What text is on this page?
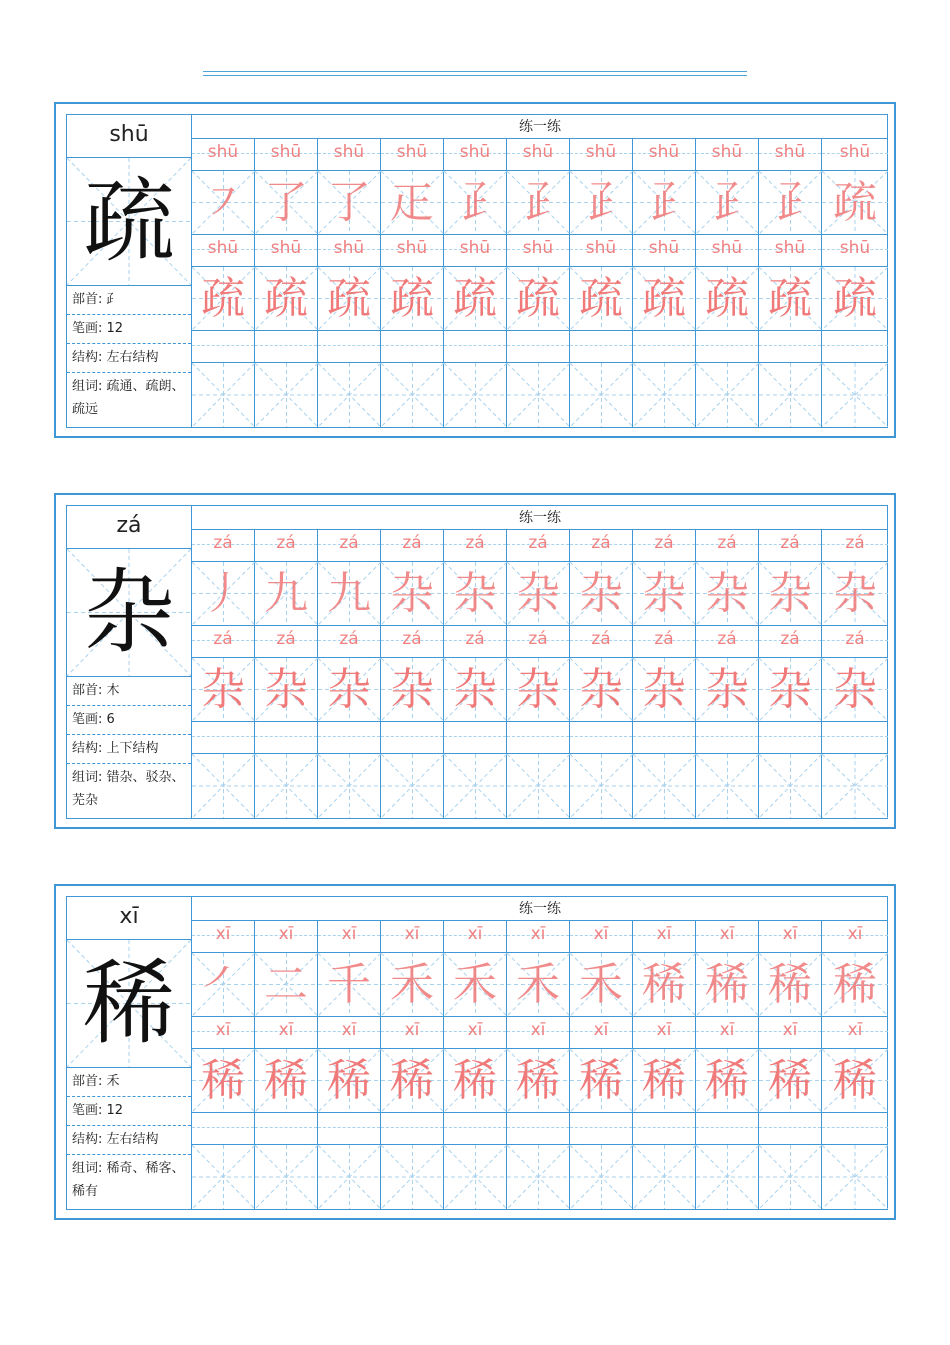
shū
疏
部首: ⺪
笔画: 12
结构: 左右结构
组词: 疏通、疏朗、疏远
练一练
shū	shū	shū	shū	shū	shū	shū	shū	shū	shū	shū
㇇ 了 了 𤴓 𤴔 𤴔 𤴔 𤴔 𤴔 𤴔 疏
shū	shū	shū	shū	shū	shū	shū	shū	shū	shū	shū
疏 疏 疏 疏 疏 疏 疏 疏 疏 疏 疏
zá
杂
部首: 木
笔画: 6
结构: 上下结构
组词: 错杂、驳杂、芜杂
练一练
zá	zá	zá	zá	zá	zá	zá	zá	zá	zá	zá
丿 九 九 杂 杂 杂 杂 杂 杂 杂 杂
zá	zá	zá	zá	zá	zá	zá	zá	zá	zá	zá
杂 杂 杂 杂 杂 杂 杂 杂 杂 杂 杂
xī
稀
部首: 禾
笔画: 12
结构: 左右结构
组词: 稀奇、稀客、稀有
练一练
xī	xī	xī	xī	xī	xī	xī	xī	xī	xī	xī
㇒ 二 千 禾 禾 禾 禾 稀 稀 稀 稀
xī	xī	xī	xī	xī	xī	xī	xī	xī	xī	xī
稀 稀 稀 稀 稀 稀 稀 稀 稀 稀 稀
